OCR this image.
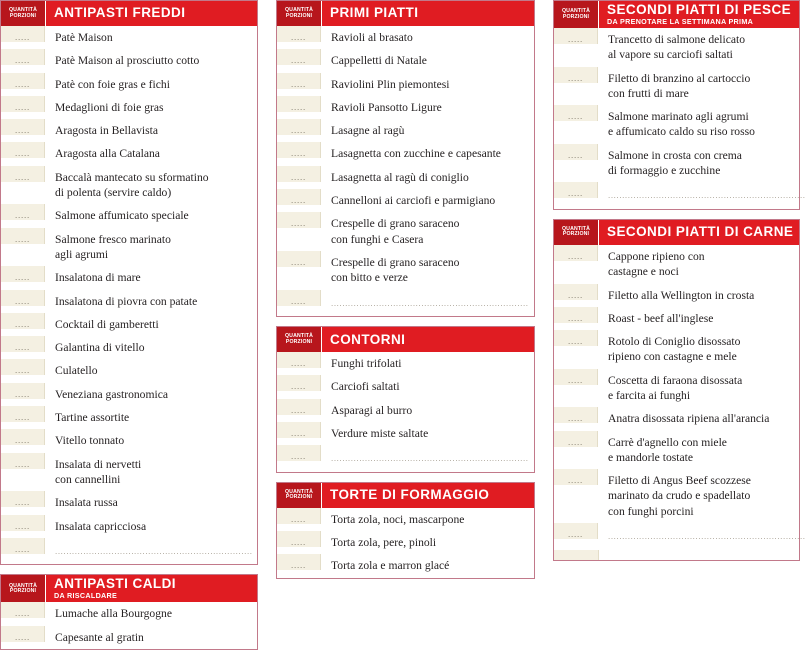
QUANTITÀ
PORZIONI ANTIPASTI FREDDI
.....	Patè Maison
.....	Patè Maison al prosciutto cotto
.....	Patè con foie gras e fichi
.....	Medaglioni di foie gras
.....	Aragosta in Bellavista
.....	Aragosta alla Catalana
.....	Baccalà mantecato su sformatino
di polenta (servire caldo)
.....	Salmone affumicato speciale
.....	Salmone fresco marinato
agli agrumi
.....	Insalatona di mare
.....	Insalatona di piovra con patate
.....	Cocktail di gamberetti
.....	Galantina di vitello
.....	Culatello
.....	Veneziana gastronomica
.....	Tartine assortite
.....	Vitello tonnato
.....	Insalata di nervetti
con cannellini
.....	Insalata russa
.....	Insalata capricciosa
.....	......................................................................
QUANTITÀ
PORZIONI ANTIPASTI CALDI
DA RISCALDARE
.....	Lumache alla Bourgogne
.....	Capesante al gratin
QUANTITÀ
PORZIONI PRIMI PIATTI
.....	Ravioli al brasato
.....	Cappelletti di Natale
.....	Raviolini Plin piemontesi
.....	Ravioli Pansotto Ligure
.....	Lasagne al ragù
.....	Lasagnetta con zucchine e capesante
.....	Lasagnetta al ragù di coniglio
.....	Cannelloni ai carciofi e parmigiano
.....	Crespelle di grano saraceno
con funghi e Casera
.....	Crespelle di grano saraceno
con bitto e verze
.....	......................................................................
QUANTITÀ
PORZIONI CONTORNI
.....	Funghi trifolati
.....	Carciofi saltati
.....	Asparagi al burro
.....	Verdure miste saltate
.....	......................................................................
QUANTITÀ
PORZIONI TORTE DI FORMAGGIO
.....	Torta zola, noci, mascarpone
.....	Torta zola, pere, pinoli
.....	Torta zola e marron glacé
QUANTITÀ
PORZIONI SECONDI PIATTI DI PESCE
DA PRENOTARE LA SETTIMANA PRIMA
.....	Trancetto di salmone delicato
al vapore su carciofi saltati
.....	Filetto di branzino al cartoccio
con frutti di mare
.....	Salmone marinato agli agrumi
e affumicato caldo su riso rosso
.....	Salmone in crosta con crema
di formaggio e zucchine
.....	......................................................................
QUANTITÀ
PORZIONI SECONDI PIATTI DI CARNE
.....	Cappone ripieno con
castagne e noci
.....	Filetto alla Wellington in crosta
.....	Roast - beef all'inglese
.....	Rotolo di Coniglio disossato
ripieno con castagne e mele
.....	Coscetta di faraona disossata
e farcita ai funghi
.....	Anatra disossata ripiena all'arancia
.....	Carrè d'agnello con miele
e mandorle tostate
.....	Filetto di Angus Beef scozzese
marinato da crudo e spadellato
con funghi porcini
.....	......................................................................
